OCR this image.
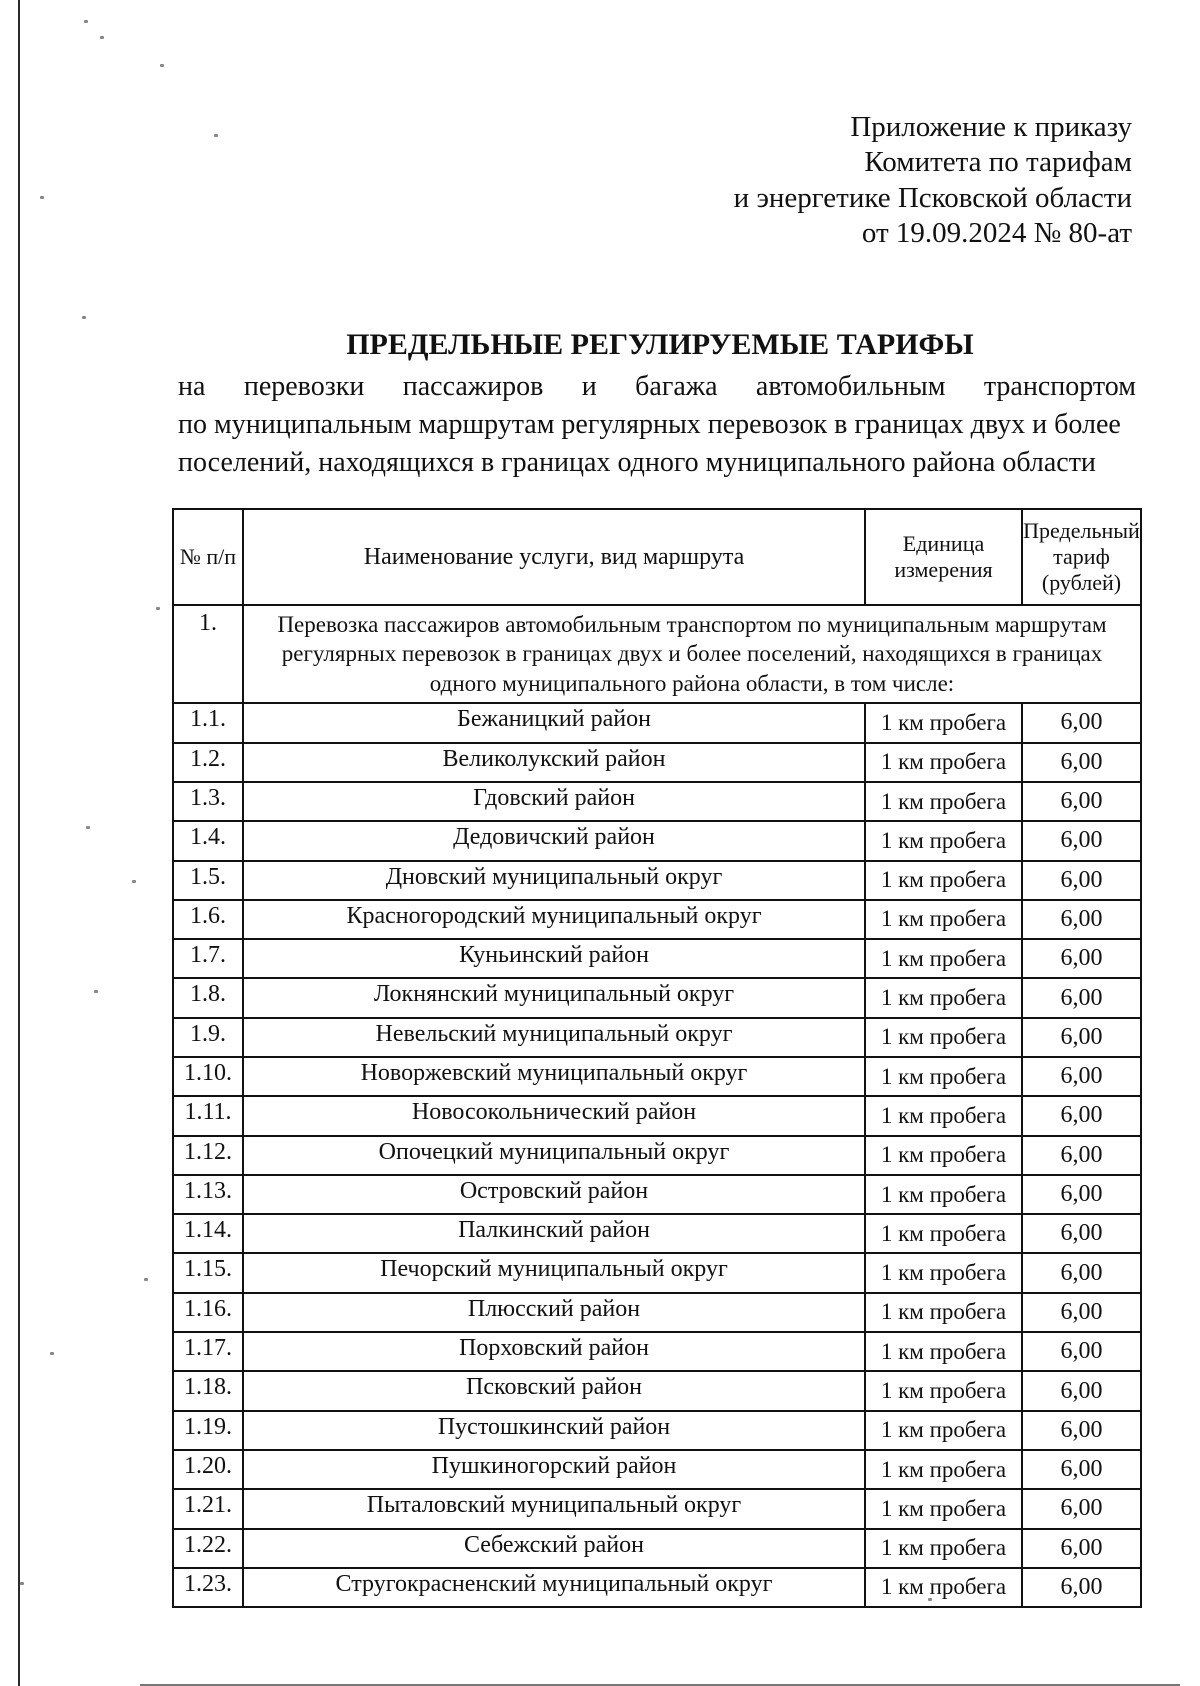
Приложение к приказу
Комитета по тарифам
и энергетике Псковской области
от 19.09.2024 № 80-ат
ПРЕДЕЛЬНЫЕ РЕГУЛИРУЕМЫЕ ТАРИФЫ
на перевозки пассажиров и багажа автомобильным транспортом
по муниципальным маршрутам регулярных перевозок в границах двух и более
поселений, находящихся в границах одного муниципального района области
№ п/п	Наименование услуги, вид маршрута	Единица измерения	Предельный тариф (рублей)
1.	Перевозка пассажиров автомобильным транспортом по муниципальным маршрутам регулярных перевозок в границах двух и более поселений, находящихся в границах одного муниципального района области, в том числе:		
1.1.	Бежаницкий район	1 км пробега	6,00
1.2.	Великолукский район	1 км пробега	6,00
1.3.	Гдовский район	1 км пробега	6,00
1.4.	Дедовичский район	1 км пробега	6,00
1.5.	Дновский муниципальный округ	1 км пробега	6,00
1.6.	Красногородский муниципальный округ	1 км пробега	6,00
1.7.	Куньинский район	1 км пробега	6,00
1.8.	Локнянский муниципальный округ	1 км пробега	6,00
1.9.	Невельский муниципальный округ	1 км пробега	6,00
1.10.	Новоржевский муниципальный округ	1 км пробега	6,00
1.11.	Новосокольнический район	1 км пробега	6,00
1.12.	Опочецкий муниципальный округ	1 км пробега	6,00
1.13.	Островский район	1 км пробега	6,00
1.14.	Палкинский район	1 км пробега	6,00
1.15.	Печорский муниципальный округ	1 км пробега	6,00
1.16.	Плюсский район	1 км пробега	6,00
1.17.	Порховский район	1 км пробега	6,00
1.18.	Псковский район	1 км пробега	6,00
1.19.	Пустошкинский район	1 км пробега	6,00
1.20.	Пушкиногорский район	1 км пробега	6,00
1.21.	Пыталовский муниципальный округ	1 км пробега	6,00
1.22.	Себежский район	1 км пробега	6,00
1.23.	Стругокрасненский муниципальный округ	1 км пробега	6,00
